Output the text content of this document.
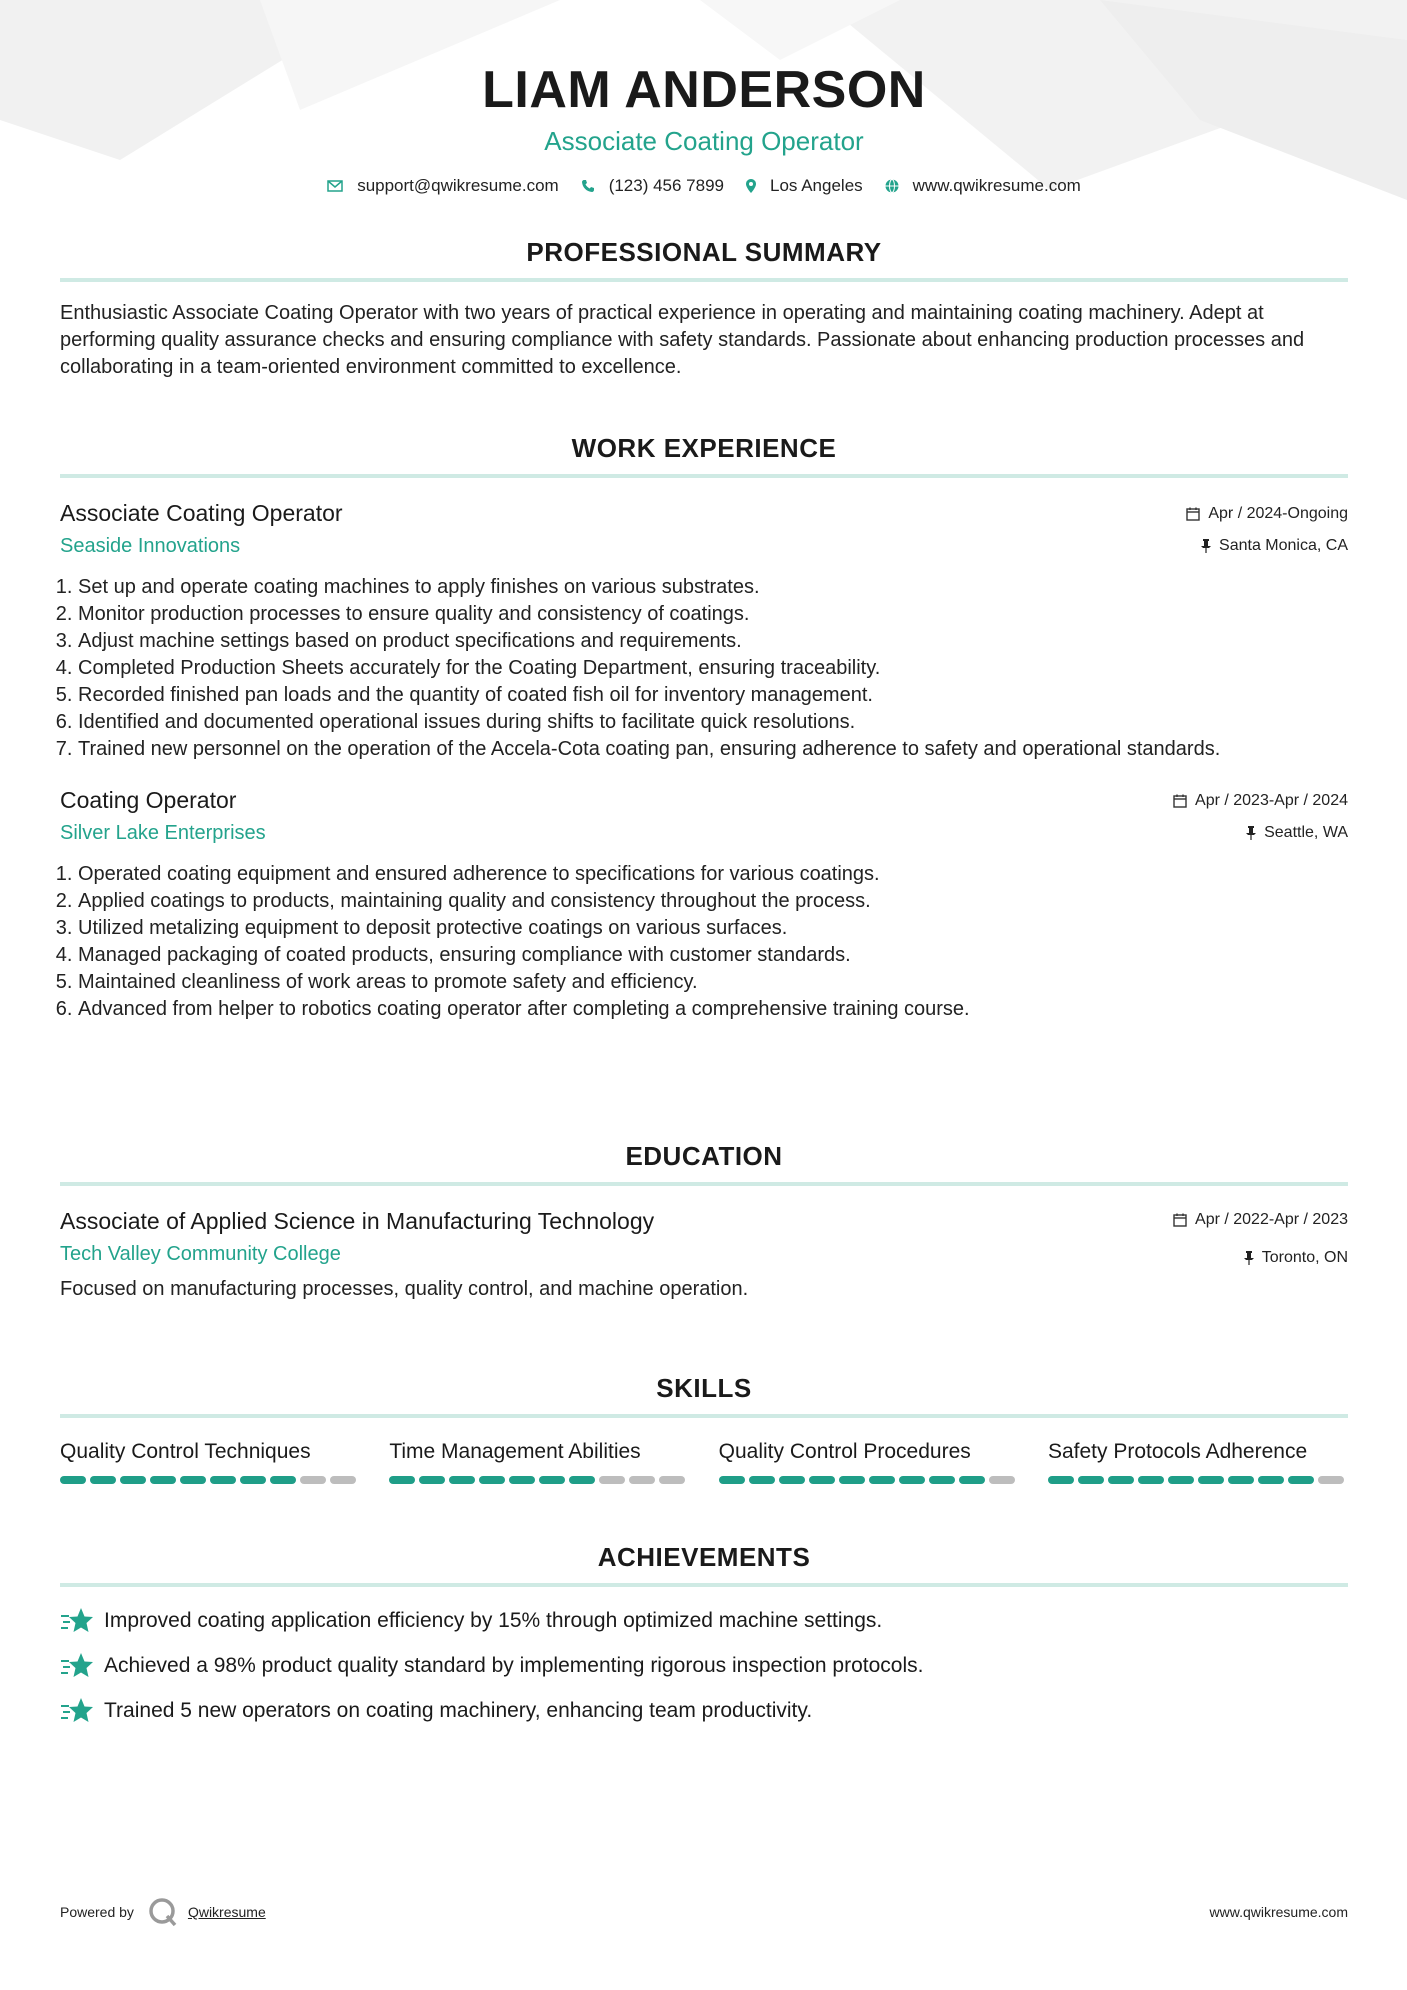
LIAM ANDERSON
Associate Coating Operator
support@qwikresume.com	(123) 456 7899	Los Angeles	www.qwikresume.com
PROFESSIONAL SUMMARY
Enthusiastic Associate Coating Operator with two years of practical experience in operating and maintaining coating machinery. Adept at performing quality assurance checks and ensuring compliance with safety standards. Passionate about enhancing production processes and collaborating in a team-oriented environment committed to excellence.
WORK EXPERIENCE
Associate Coating Operator
Seaside Innovations
Apr / 2024-Ongoing
Santa Monica, CA
1. Set up and operate coating machines to apply finishes on various substrates.
2. Monitor production processes to ensure quality and consistency of coatings.
3. Adjust machine settings based on product specifications and requirements.
4. Completed Production Sheets accurately for the Coating Department, ensuring traceability.
5. Recorded finished pan loads and the quantity of coated fish oil for inventory management.
6. Identified and documented operational issues during shifts to facilitate quick resolutions.
7. Trained new personnel on the operation of the Accela-Cota coating pan, ensuring adherence to safety and operational standards.
Coating Operator
Silver Lake Enterprises
Apr / 2023-Apr / 2024
Seattle, WA
1. Operated coating equipment and ensured adherence to specifications for various coatings.
2. Applied coatings to products, maintaining quality and consistency throughout the process.
3. Utilized metalizing equipment to deposit protective coatings on various surfaces.
4. Managed packaging of coated products, ensuring compliance with customer standards.
5. Maintained cleanliness of work areas to promote safety and efficiency.
6. Advanced from helper to robotics coating operator after completing a comprehensive training course.
EDUCATION
Associate of Applied Science in Manufacturing Technology
Tech Valley Community College
Apr / 2022-Apr / 2023
Toronto, ON
Focused on manufacturing processes, quality control, and machine operation.
SKILLS
Quality Control Techniques	Time Management Abilities	Quality Control Procedures	Safety Protocols Adherence
ACHIEVEMENTS
Improved coating application efficiency by 15% through optimized machine settings.
Achieved a 98% product quality standard by implementing rigorous inspection protocols.
Trained 5 new operators on coating machinery, enhancing team productivity.
Powered by	Qwikresume	www.qwikresume.com
